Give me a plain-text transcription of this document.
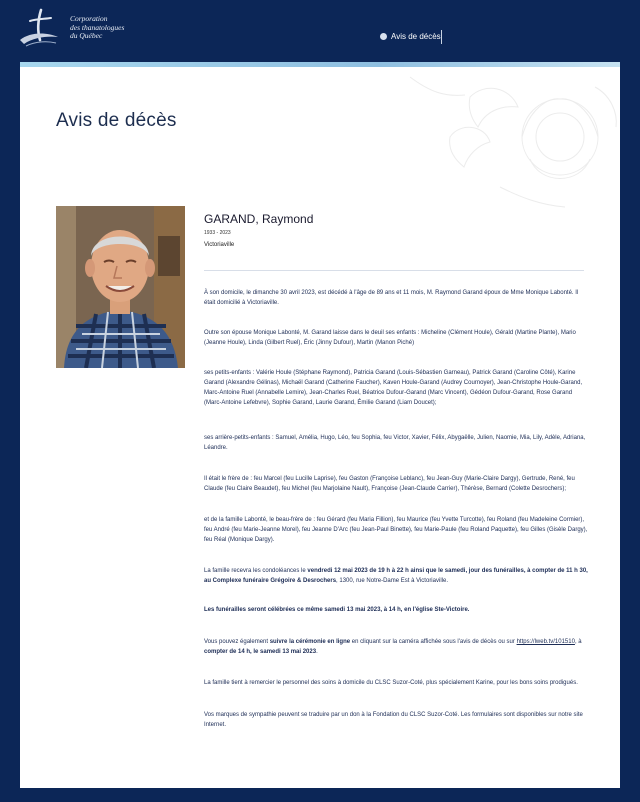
Corporation
des thanatologues
du Québec	Avis de décès
Avis de décès
GARAND, Raymond
1933 - 2023
Victoriaville

À son domicile, le dimanche 30 avril 2023, est décédé à l'âge de 89 ans et 11 mois, M. Raymond Garand époux de Mme Monique Labonté. Il était domicilié à Victoriaville.

Outre son épouse Monique Labonté, M. Garand laisse dans le deuil ses enfants : Micheline (Clément Houle), Gérald (Martine Plante), Mario (Jeanne Houle), Linda (Gilbert Ruel), Éric (Jinny Dufour), Martin (Manon Piché)

ses petits-enfants : Valérie Houle (Stéphane Raymond), Patricia Garand (Louis-Sébastien Garneau), Patrick Garand (Caroline Côté), Karine Garand (Alexandre Gélinas), Michaël Garand (Catherine Faucher), Kaven Houle-Garand (Audrey Cournoyer), Jean-Christophe Houle-Garand, Marc-Antoine Ruel (Annabelle Lemire), Jean-Charles Ruel, Béatrice Dufour-Garand (Marc Vincent), Gédéon Dufour-Garand, Rose Garand (Marc-Antoine Lefebvre), Sophie Garand, Laurie Garand, Émilie Garand (Liam Doucet);

ses arrière-petits-enfants : Samuel, Amélia, Hugo, Léo, feu Sophia, feu Victor, Xavier, Félix, Abygaëlle, Julien, Naomie, Mia, Lily, Adèle, Adriana, Léandre.

Il était le frère de : feu Marcel (feu Lucille Laprise), feu Gaston (Françoise Leblanc), feu Jean-Guy (Marie-Claire Dargy), Gertrude, René, feu Claude (feu Claire Beaudet), feu Michel (feu Marjolaine Nault), Françoise (Jean-Claude Carrier), Thérèse, Bernard (Colette Desrochers);

et de la famille Labonté, le beau-frère de : feu Gérard (feu Maria Fillion), feu Maurice (feu Yvette Turcotte), feu Roland (feu Madeleine Cormier), feu André (feu Marie-Jeanne Morel), feu Jeanne D'Arc (feu Jean-Paul Binette), feu Marie-Paule (feu Roland Paquette), feu Gilles (Gisèle Dargy), feu Réal (Monique Dargy).

La famille recevra les condoléances le vendredi 12 mai 2023 de 19 h à 22 h ainsi que le samedi, jour des funérailles, à compter de 11 h 30, au Complexe funéraire Grégoire & Desrochers, 1300, rue Notre-Dame Est à Victoriaville.

Les funérailles seront célébrées ce même samedi 13 mai 2023, à 14 h, en l'église Ste-Victoire.

Vous pouvez également suivre la cérémonie en ligne en cliquant sur la caméra affichée sous l'avis de décès ou sur https://lweb.tv/101510, à compter de 14 h, le samedi 13 mai 2023.

La famille tient à remercier le personnel des soins à domicile du CLSC Suzor-Coté, plus spécialement Karine, pour les bons soins prodigués.

Vos marques de sympathie peuvent se traduire par un don à la Fondation du CLSC Suzor-Coté. Les formulaires sont disponibles sur notre site Internet.
